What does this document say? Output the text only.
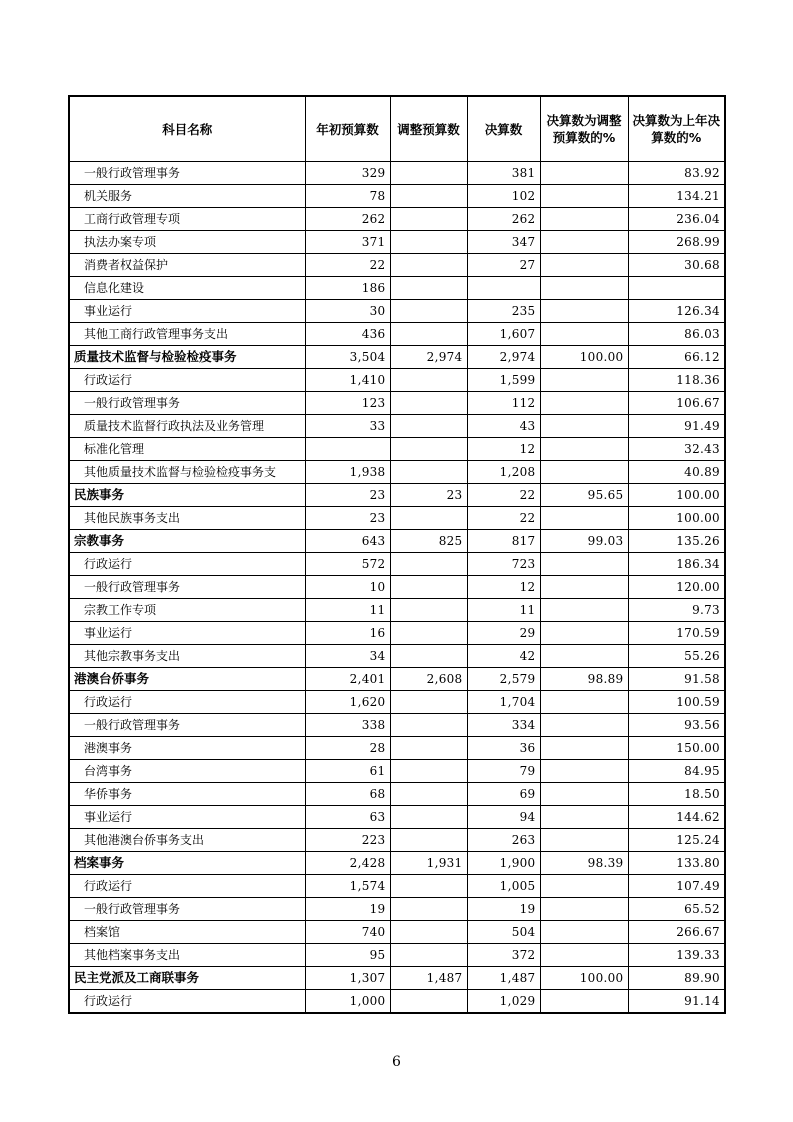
科目名称	年初预算数	调整预算数	决算数	决算数为调整预算数的%	决算数为上年决算数的%
一般行政管理事务	329		381		83.92
机关服务	78		102		134.21
工商行政管理专项	262		262		236.04
执法办案专项	371		347		268.99
消费者权益保护	22		27		30.68
信息化建设	186				
事业运行	30		235		126.34
其他工商行政管理事务支出	436		1,607		86.03
质量技术监督与检验检疫事务	3,504	2,974	2,974	100.00	66.12
行政运行	1,410		1,599		118.36
一般行政管理事务	123		112		106.67
质量技术监督行政执法及业务管理	33		43		91.49
标准化管理			12		32.43
其他质量技术监督与检验检疫事务支	1,938		1,208		40.89
民族事务	23	23	22	95.65	100.00
其他民族事务支出	23		22		100.00
宗教事务	643	825	817	99.03	135.26
行政运行	572		723		186.34
一般行政管理事务	10		12		120.00
宗教工作专项	11		11		9.73
事业运行	16		29		170.59
其他宗教事务支出	34		42		55.26
港澳台侨事务	2,401	2,608	2,579	98.89	91.58
行政运行	1,620		1,704		100.59
一般行政管理事务	338		334		93.56
港澳事务	28		36		150.00
台湾事务	61		79		84.95
华侨事务	68		69		18.50
事业运行	63		94		144.62
其他港澳台侨事务支出	223		263		125.24
档案事务	2,428	1,931	1,900	98.39	133.80
行政运行	1,574		1,005		107.49
一般行政管理事务	19		19		65.52
档案馆	740		504		266.67
其他档案事务支出	95		372		139.33
民主党派及工商联事务	1,307	1,487	1,487	100.00	89.90
行政运行	1,000		1,029		91.14
6
